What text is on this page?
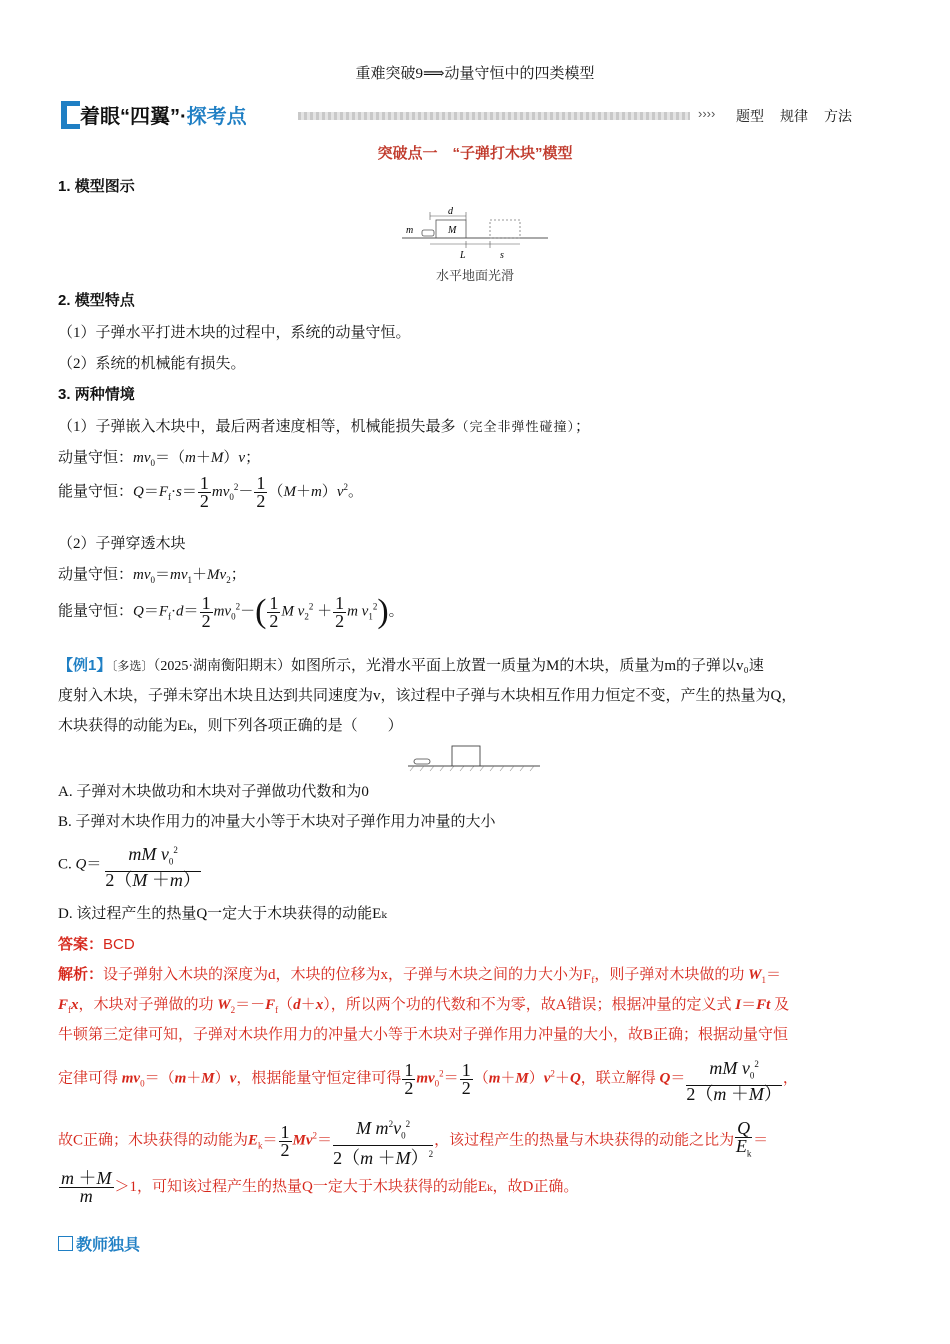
重难突破9⟹动量守恒中的四类模型
着眼“四翼”·探考点	›››› 题型 规律 方法
突破点一　“子弹打木块”模型
1. 模型图示
d
M
m
L	s
水平地面光滑
2. 模型特点
（1）子弹水平打进木块的过程中，系统的动量守恒。
（2）系统的机械能有损失。
3. 两种情境
（1）子弹嵌入木块中，最后两者速度相等，机械能损失最多（完全非弹性碰撞）；
动量守恒：$mv_0=(m+M)v$；
能量守恒：$Q=F_f\cdot s= \frac{1}{2} mv_0^2- \frac{1}{2} (M+m)v^2$。
（2）子弹穿透木块
动量守恒：$mv_0=mv_1+Mv_2$；
能量守恒：$Q=F_f\cdot d= \frac{1}{2} mv_0^2-( \frac{1}{2}$ M $v_2^2 + \frac{1}{2}$ m $v_1^2$)。
【例1】〔多选〕（2025·湖南衡阳期末）如图所示，光滑水平面上放置一质量为M的木块，质量为m的子弹以v₀速
度射入木块，子弹未穿出木块且达到共同速度为v，该过程中子弹与木块相互作用力恒定不变，产生的热量为Q，
木块获得的动能为Eₖ，则下列各项正确的是（　　）
A. 子弹对木块做功和木块对子弹做功代数和为0
B. 子弹对木块作用力的冲量大小等于木块对子弹作用力冲量的大小
C. $Q= \frac{mM v_0^2}{2(M +m)}$
D. 该过程产生的热量Q一定大于木块获得的动能Eₖ
答案：BCD
解析：设子弹射入木块的深度为d，木块的位移为x，子弹与木块之间的力大小为$F_f$，则子弹对木块做的功 $W_1=$
$F_fx$，木块对子弹做的功 $W_2=-F_f(d+x)$，所以两个功的代数和不为零，故A错误；根据冲量的定义式 I＝Ft 及
牛顿第三定律可知，子弹对木块作用力的冲量大小等于木块对子弹作用力冲量的大小，故B正确；根据动量守恒
定律可得 $mv_0=(m+M)v$，根据能量守恒定律可得 $\frac{1}{2} mv_0^2= \frac{1}{2} (m+M)v^2+Q$，联立解得 $Q= \frac{mM v_0^2}{2(m +M)}$ ，
故C正确；木块获得的动能为$E_k= \frac{1}{2} Mv^2= \frac{M m^2v_0^2}{2(m +M)^2}$ ，该过程产生的热量与木块获得的动能之比为 $\frac{Q}{E_k}$ ＝
$\frac{m +M}{m} >1$，可知该过程产生的热量Q一定大于木块获得的动能Eₖ，故D正确。
教师独具
